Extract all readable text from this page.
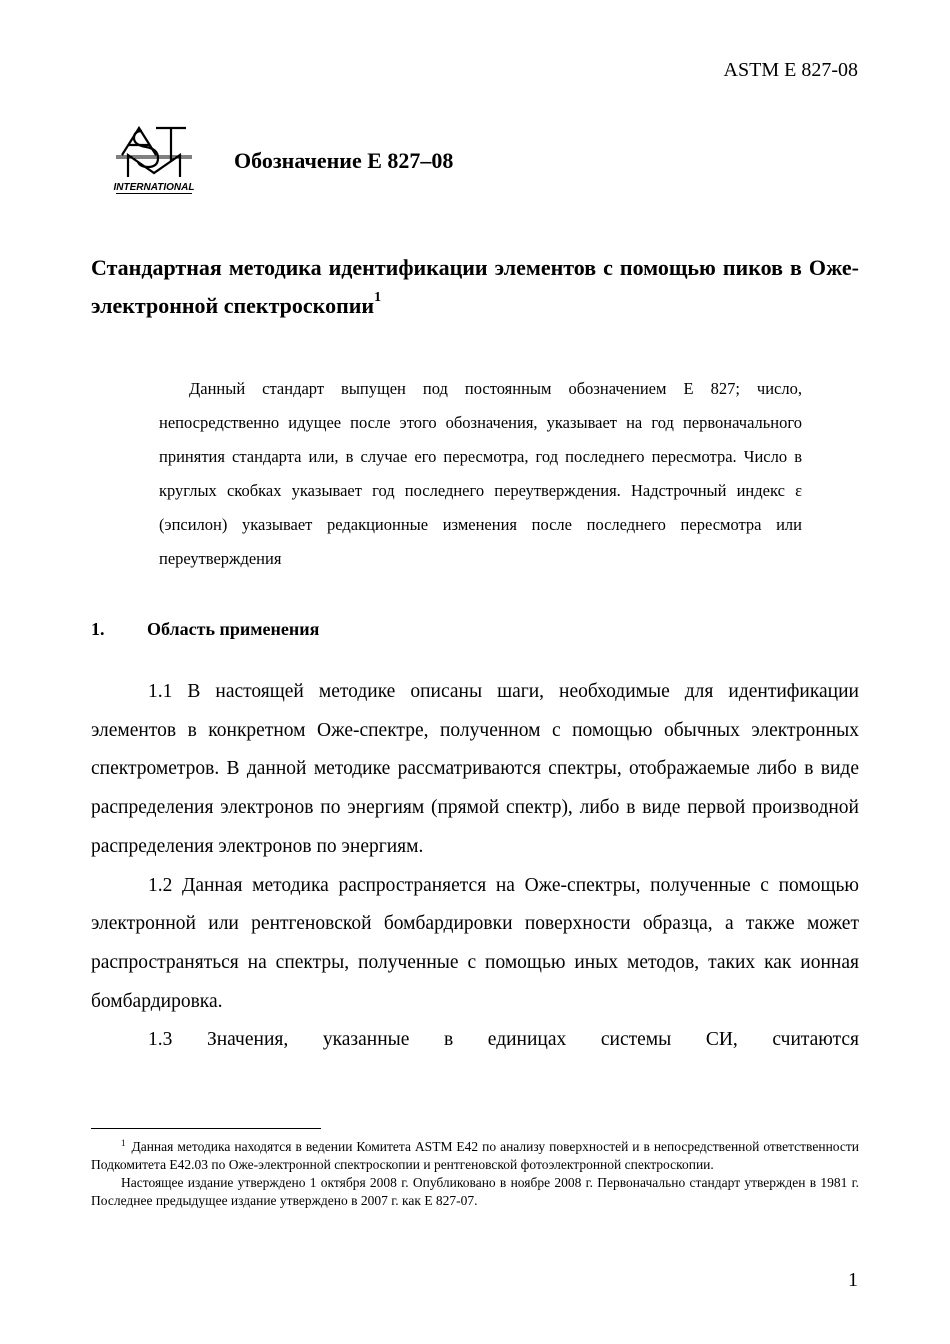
ASTM E 827-08
INTERNATIONAL
Обозначение Е 827–08
Стандартная методика идентификации элементов с помощью пиков в Оже-электронной спектроскопии$^1$
Данный стандарт выпущен под постоянным обозначением E 827; число, непосредственно идущее после этого обозначения, указывает на год первоначального принятия стандарта или, в случае его пересмотра, год последнего пересмотра. Число в круглых скобках указывает год последнего переутверждения. Надстрочный индекс ε (эпсилон) указывает редакционные изменения после последнего пересмотра или переутверждения
1. Область применения

1.1 В настоящей методике описаны шаги, необходимые для идентификации элементов в конкретном Оже-спектре, полученном с помощью обычных электронных спектрометров. В данной методике рассматриваются спектры, отображаемые либо в виде распределения электронов по энергиям (прямой спектр), либо в виде первой производной распределения электронов по энергиям.

1.2 Данная методика распространяется на Оже-спектры, полученные с помощью электронной или рентгеновской бомбардировки поверхности образца, а также может распространяться на спектры, полученные с помощью иных методов, таких как ионная бомбардировка.

1.3 Значения, указанные в единицах системы СИ, считаются

$^1$ Данная методика находятся в ведении Комитета ASTM E42 по анализу поверхностей и в непосредственной ответственности Подкомитета E42.03 по Оже-электронной спектроскопии и рентгеновской фотоэлектронной спектроскопии.

Настоящее издание утверждено 1 октября 2008 г. Опубликовано в ноябре 2008 г. Первоначально стандарт утвержден в 1981 г. Последнее предыдущее издание утверждено в 2007 г. как E 827-07.

1
